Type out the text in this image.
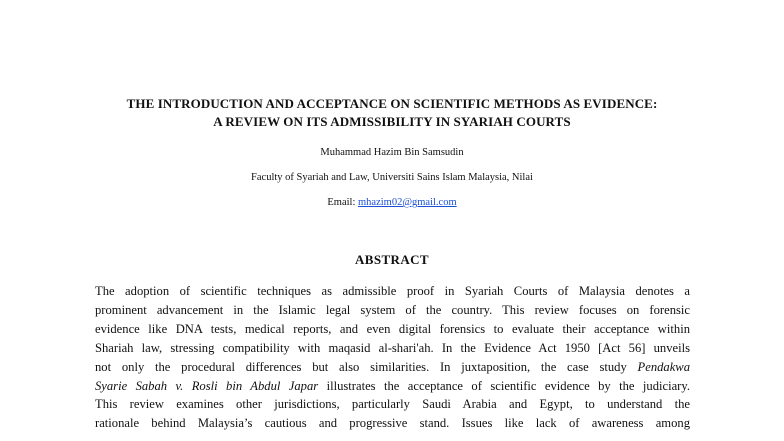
THE INTRODUCTION AND ACCEPTANCE ON SCIENTIFIC METHODS AS EVIDENCE:
A REVIEW ON ITS ADMISSIBILITY IN SYARIAH COURTS
Muhammad Hazim Bin Samsudin
Faculty of Syariah and Law, Universiti Sains Islam Malaysia, Nilai
Email: mhazim02@gmail.com
ABSTRACT
The adoption of scientific techniques as admissible proof in Syariah Courts of Malaysia denotes a
prominent advancement in the Islamic legal system of the country. This review focuses on forensic
evidence like DNA tests, medical reports, and even digital forensics to evaluate their acceptance within
Shariah law, stressing compatibility with maqasid al-shari'ah. In the Evidence Act 1950 [Act 56] unveils
not only the procedural differences but also similarities. In juxtaposition, the case study Pendakwa
Syarie Sabah v. Rosli bin Abdul Japar illustrates the acceptance of scientific evidence by the judiciary.
This review examines other jurisdictions, particularly Saudi Arabia and Egypt, to understand the
rationale behind Malaysia’s cautious and progressive stand. Issues like lack of awareness among
